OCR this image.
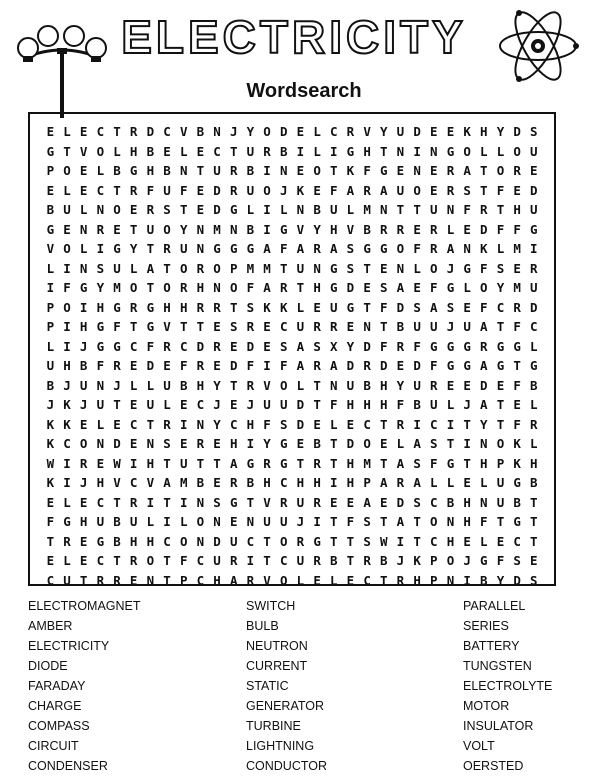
ELECTRICITY
Wordsearch
E L E C T R D C V B N J Y O D E L C R V Y U D E E K H Y D S
G T V O L H B E L E C T U R B I L I G H T N I N G O L L O U
P O E L B G H B N T U R B I N E O T K F G E N E R A T O R E
E L E C T R F U F E D R U O J K E F A R A U O E R S T F E D
B U L N O E R S T E D G L I L N B U L M N T T U N F R T H U
G E N R E T U O Y N M N B I G V Y H V B R R E R L E D F F G
V O L I G Y T R U N G G G A F A R A S G G O F R A N K L M I
L I N S U L A T O R O P M M T U N G S T E N L O J G F S E R
I F G Y M O T O R H N O F A R T H G D E S A E F G L O Y M U
P O I H G R G H H R R T S K K L E U G T F D S A S E F C R D
P I H G F T G V T T E S R E C U R R E N T B U U J U A T F C
L I J G G C F R C D R E D E S A S X Y D F R F G G G R G G L
U H B F R E D E F R E D F I F A R A D R D E D F G G A G T G
B J U N J L L U B H Y T R V O L T N U B H Y U R E E D E F B
J K J U T E U L E C J E J U U D T F H H H F B U L J A T E L
K K E L E C T R I N Y C H F S D E L E C T R I C I T Y T F R
K C O N D E N S E R E H I Y G E B T D O E L A S T I N O K L
W I R E W I H T U T T A G R G T R T H M T A S F G T H P K H
K I J H V C V A M B E R B H C H H I H P A R A L L E L U G B
E L E C T R I T I N S G T V R U R E E A E D S C B H N U B T
F G H U B U L I L O N E N U U J I T F S T A T O N H F T G T
T R E G B H H C O N D U C T O R G T T S W I T C H E L E C T
E L E C T R O T F C U R I T C U R B T R B J K P O J G F S E
C U T R R E N T P C H A R V O L E L E C T R H P N I B Y D S
ELECTROMAGNET
AMBER
ELECTRICITY
DIODE
FARADAY
CHARGE
COMPASS
CIRCUIT
CONDENSER
SWITCH
BULB
NEUTRON
CURRENT
STATIC
GENERATOR
TURBINE
LIGHTNING
CONDUCTOR
PARALLEL
SERIES
BATTERY
TUNGSTEN
ELECTROLYTE
MOTOR
INSULATOR
VOLT
OERSTED
